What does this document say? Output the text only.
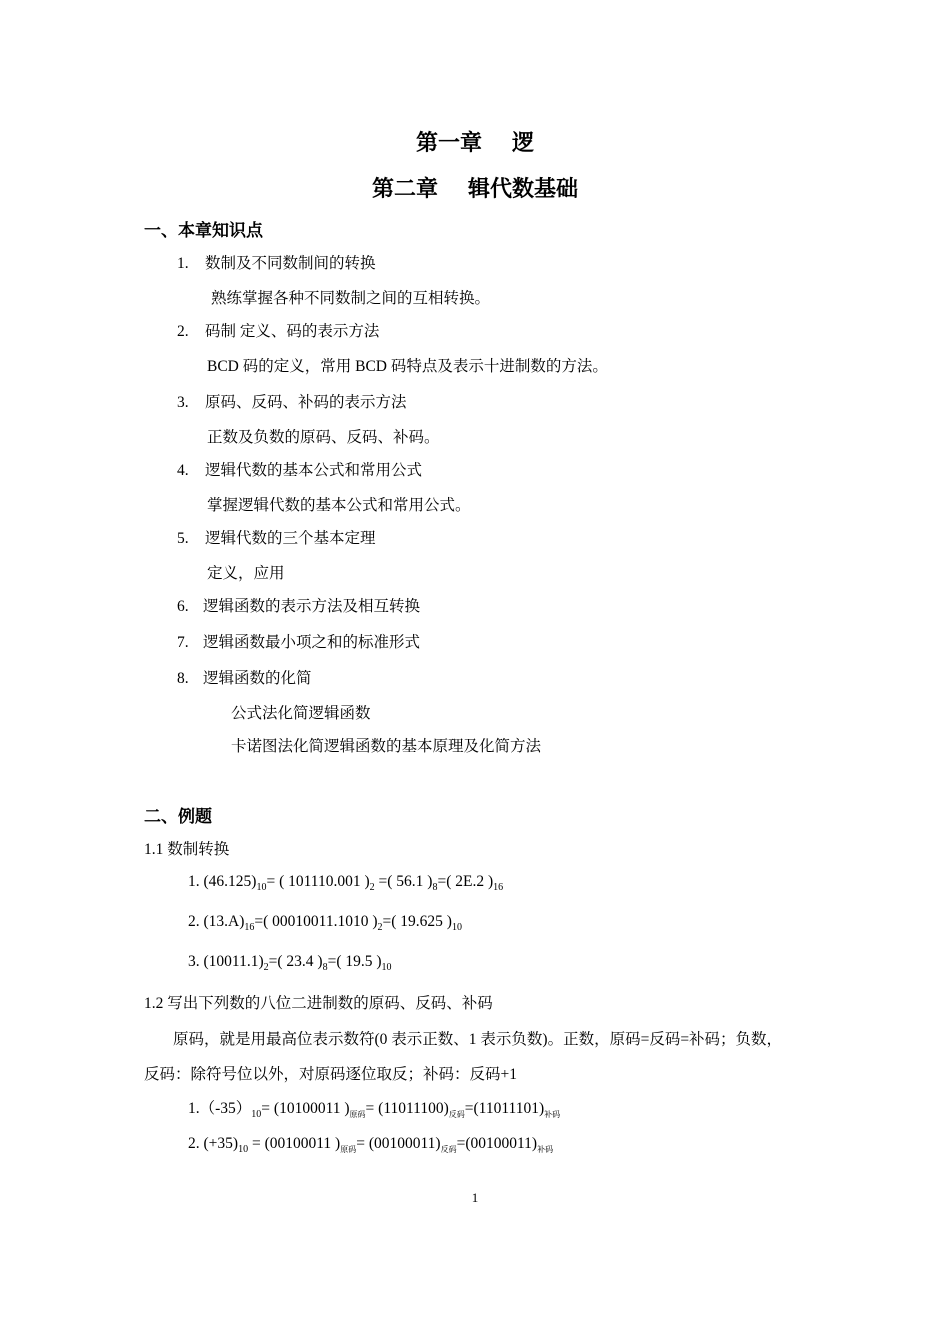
第一章 逻
第二章 辑代数基础
一、本章知识点
1. 数制及不同数制间的转换
熟练掌握各种不同数制之间的互相转换。
2. 码制 定义、码的表示方法
BCD 码的定义，常用 BCD 码特点及表示十进制数的方法。
3. 原码、反码、补码的表示方法
正数及负数的原码、反码、补码。
4. 逻辑代数的基本公式和常用公式
掌握逻辑代数的基本公式和常用公式。
5. 逻辑代数的三个基本定理
定义，应用
6. 逻辑函数的表示方法及相互转换
7. 逻辑函数最小项之和的标准形式
8. 逻辑函数的化简
公式法化简逻辑函数
卡诺图法化简逻辑函数的基本原理及化简方法
二、例题
1.1 数制转换
1. $(46.125)_{10}=$ ( 101110.001 )$_2$ =( 56.1 )$_8=$( 2E.2 )$_{16}$
2. $(13.A)_{16}=$( 00010011.1010 )$_2=$( 19.625 )$_{10}$
3. $(10011.1)_2=$( 23.4 )$_8=$( 19.5 )$_{10}$
1.2 写出下列数的八位二进制数的原码、反码、补码
原码，就是用最高位表示数符(0 表示正数、1 表示负数)。正数，原码=反码=补码；负数，
反码：除符号位以外，对原码逐位取反；补码：反码+1
$1.(-35)_{10}= (10100011$ )$_{原码}= (11011100)_{反码}=(11011101)_{补码}$
2. $(+35)_{10} = (00100011$ )$_{原码}= (00100011)_{反码}=(00100011)_{补码}$
1
